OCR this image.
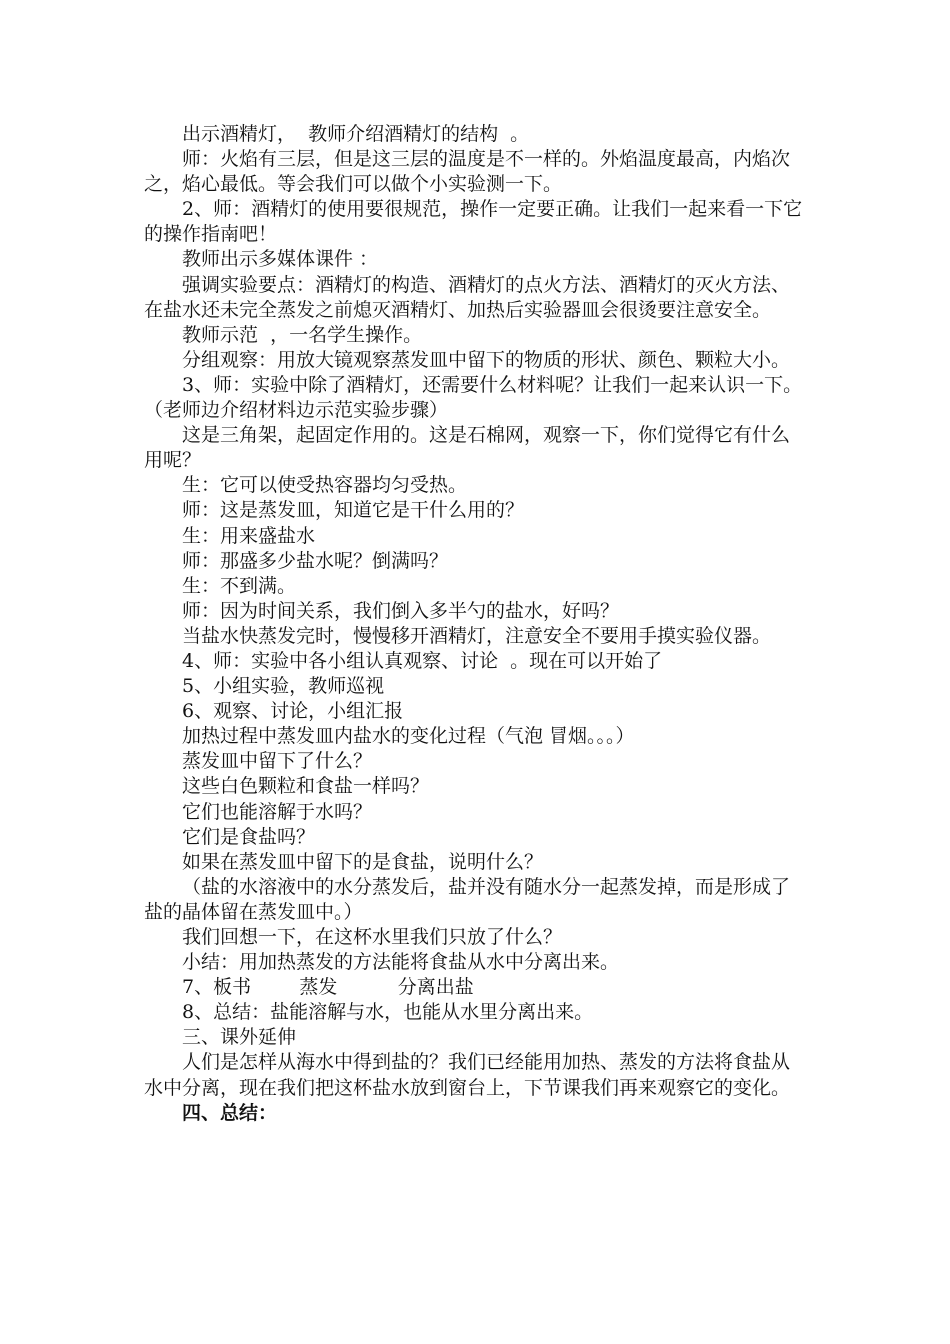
出示酒精灯，  教师介绍酒精灯的结构  。

师：火焰有三层，但是这三层的温度是不一样的。外焰温度最高，内焰次之，焰心最低。等会我们可以做个小实验测一下。

2、师：酒精灯的使用要很规范，操作一定要正确。让我们一起来看一下它的操作指南吧！

教师出示多媒体课件 ：

强调实验要点：酒精灯的构造、酒精灯的点火方法、酒精灯的灭火方法、在盐水还未完全蒸发之前熄灭酒精灯、加热后实验器皿会很烫要注意安全。

教师示范  ，一名学生操作。

分组观察：用放大镜观察蒸发皿中留下的物质的形状、颜色、颗粒大小。

3、师：实验中除了酒精灯，还需要什么材料呢？让我们一起来认识一下。（老师边介绍材料边示范实验步骤）

这是三角架，起固定作用的。这是石棉网，观察一下，你们觉得它有什么用呢？

生：它可以使受热容器均匀受热。

师：这是蒸发皿，知道它是干什么用的？

生：用来盛盐水

师：那盛多少盐水呢？倒满吗？

生：不到满。

师：因为时间关系，我们倒入多半勺的盐水，好吗？

当盐水快蒸发完时，慢慢移开酒精灯，注意安全不要用手摸实验仪器。

4、师：实验中各小组认真观察、讨论  。现在可以开始了

5、小组实验，教师巡视

6、观察、讨论，小组汇报

加热过程中蒸发皿内盐水的变化过程（气泡 冒烟。。。）

蒸发皿中留下了什么？

这些白色颗粒和食盐一样吗？

它们也能溶解于水吗？

它们是食盐吗？

如果在蒸发皿中留下的是食盐，说明什么？

（盐的水溶液中的水分蒸发后，盐并没有随水分一起蒸发掉，而是形成了盐的晶体留在蒸发皿中。）

我们回想一下，在这杯水里我们只放了什么？

小结：用加热蒸发的方法能将食盐从水中分离出来。

7、板书        蒸发          分离出盐

8、总结：盐能溶解与水，也能从水里分离出来。

三、课外延伸

人们是怎样从海水中得到盐的？我们已经能用加热、蒸发的方法将食盐从水中分离，现在我们把这杯盐水放到窗台上，下节课我们再来观察它的变化。

四、总结：
